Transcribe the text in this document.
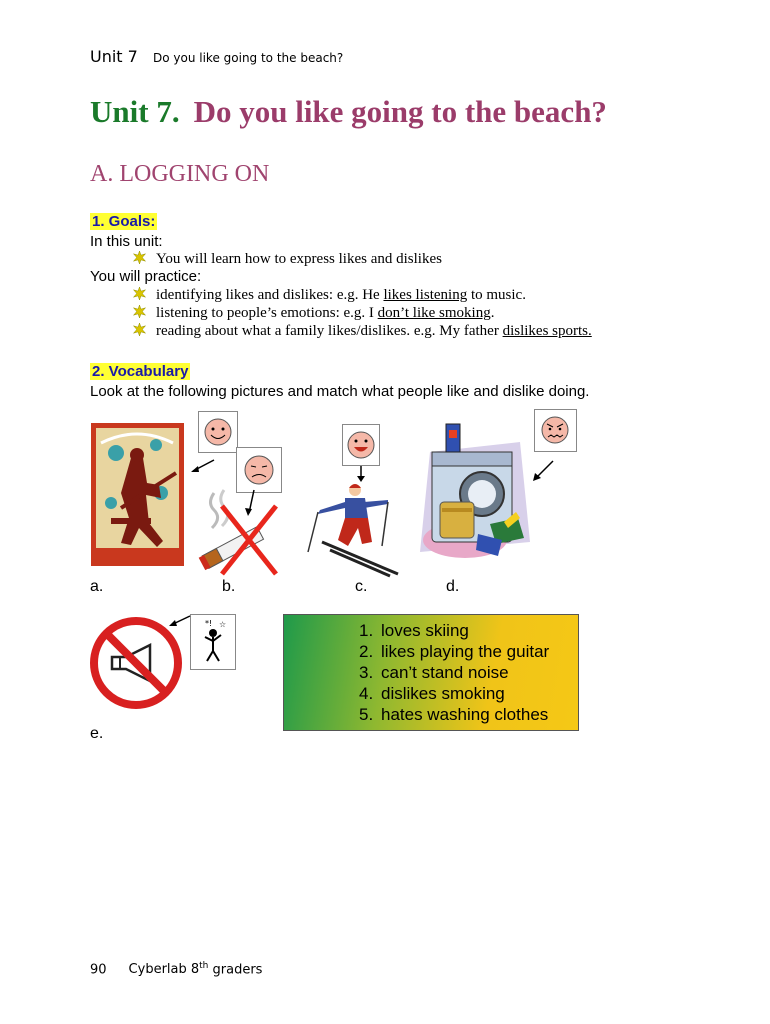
Unit 7 Do you like going to the beach?
Unit 7. Do you like going to the beach?
A. LOGGING ON
1. Goals:
In this unit:
You will learn how to express likes and dislikes
You will practice:
identifying likes and dislikes: e.g. He likes listening to music.
listening to people’s emotions: e.g. I don’t like smoking.
reading about what a family likes/dislikes. e.g. My father dislikes sports.
2. Vocabulary
Look at the following pictures and match what people like and dislike doing.
a.	b.	c.	d.
*! ☆
e.
1. loves skiing
2. likes playing the guitar
3. can’t stand noise
4. dislikes smoking
5. hates washing clothes
90 Cyberlab 8th graders
